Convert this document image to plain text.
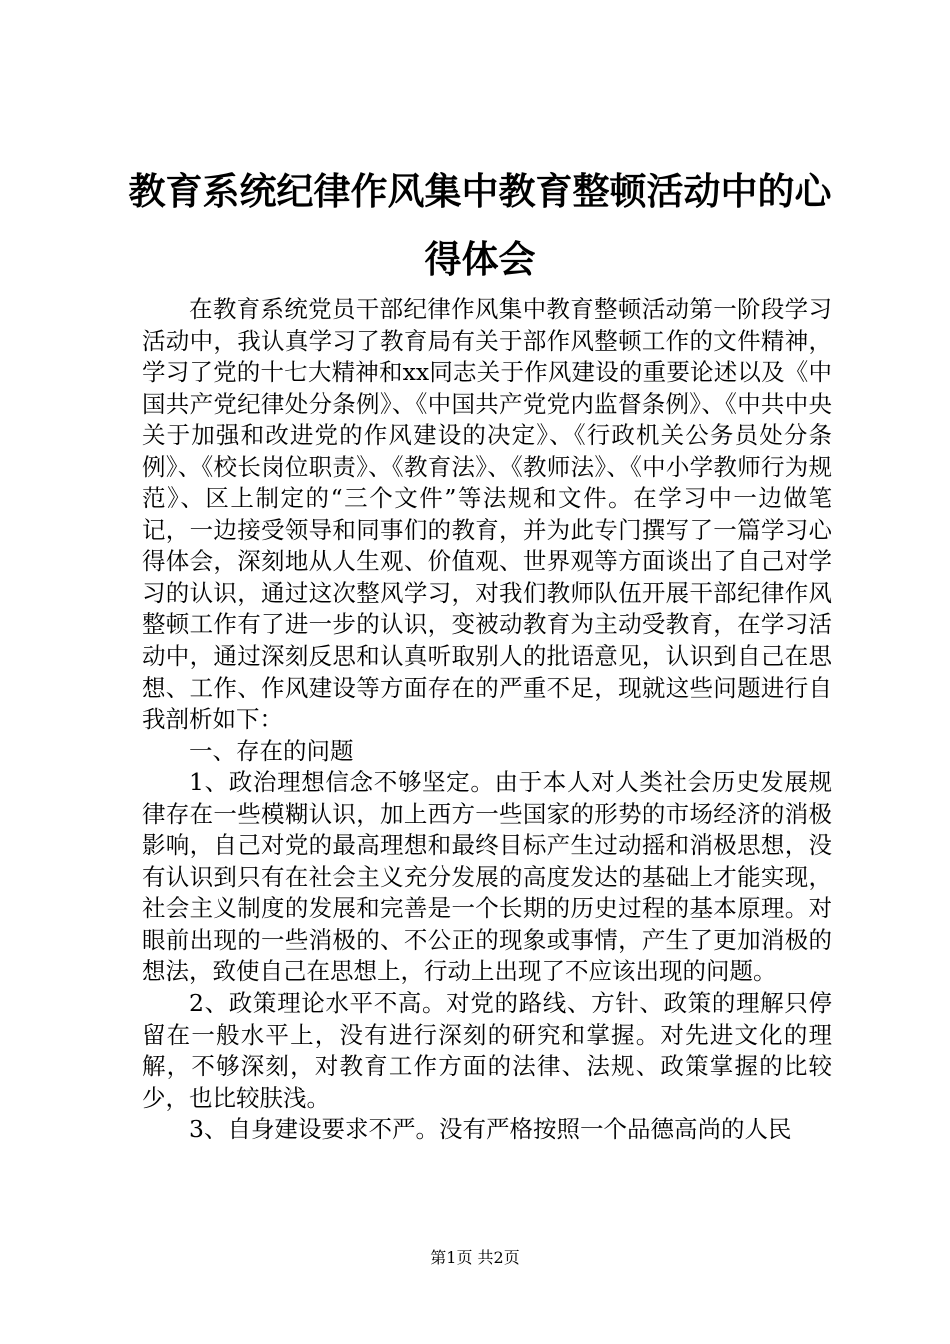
教育系统纪律作风集中教育整顿活动中的心得体会

在教育系统党员干部纪律作风集中教育整顿活动第一阶段学习活动中，我认真学习了教育局有关于部作风整顿工作的文件精神，学习了党的十七大精神和xx同志关于作风建设的重要论述以及《中国共产党纪律处分条例》、《中国共产党党内监督条例》、《中共中央关于加强和改进党的作风建设的决定》、《行政机关公务员处分条例》、《校长岗位职责》、《教育法》、《教师法》、《中小学教师行为规范》、区上制定的“三个文件”等法规和文件。在学习中一边做笔记，一边接受领导和同事们的教育，并为此专门撰写了一篇学习心得体会，深刻地从人生观、价值观、世界观等方面谈出了自己对学习的认识，通过这次整风学习，对我们教师队伍开展干部纪律作风整顿工作有了进一步的认识，变被动教育为主动受教育，在学习活动中，通过深刻反思和认真听取别人的批语意见，认识到自己在思想、工作、作风建设等方面存在的严重不足，现就这些问题进行自我剖析如下：

一、存在的问题

1、政治理想信念不够坚定。由于本人对人类社会历史发展规律存在一些模糊认识，加上西方一些国家的形势的市场经济的消极影响，自己对党的最高理想和最终目标产生过动摇和消极思想，没有认识到只有在社会主义充分发展的高度发达的基础上才能实现，社会主义制度的发展和完善是一个长期的历史过程的基本原理。对眼前出现的一些消极的、不公正的现象或事情，产生了更加消极的想法，致使自己在思想上，行动上出现了不应该出现的问题。

2、政策理论水平不高。对党的路线、方针、政策的理解只停留在一般水平上，没有进行深刻的研究和掌握。对先进文化的理解，不够深刻，对教育工作方面的法律、法规、政策掌握的比较少，也比较肤浅。

3、自身建设要求不严。没有严格按照一个品德高尚的人民

第1页 共2页
